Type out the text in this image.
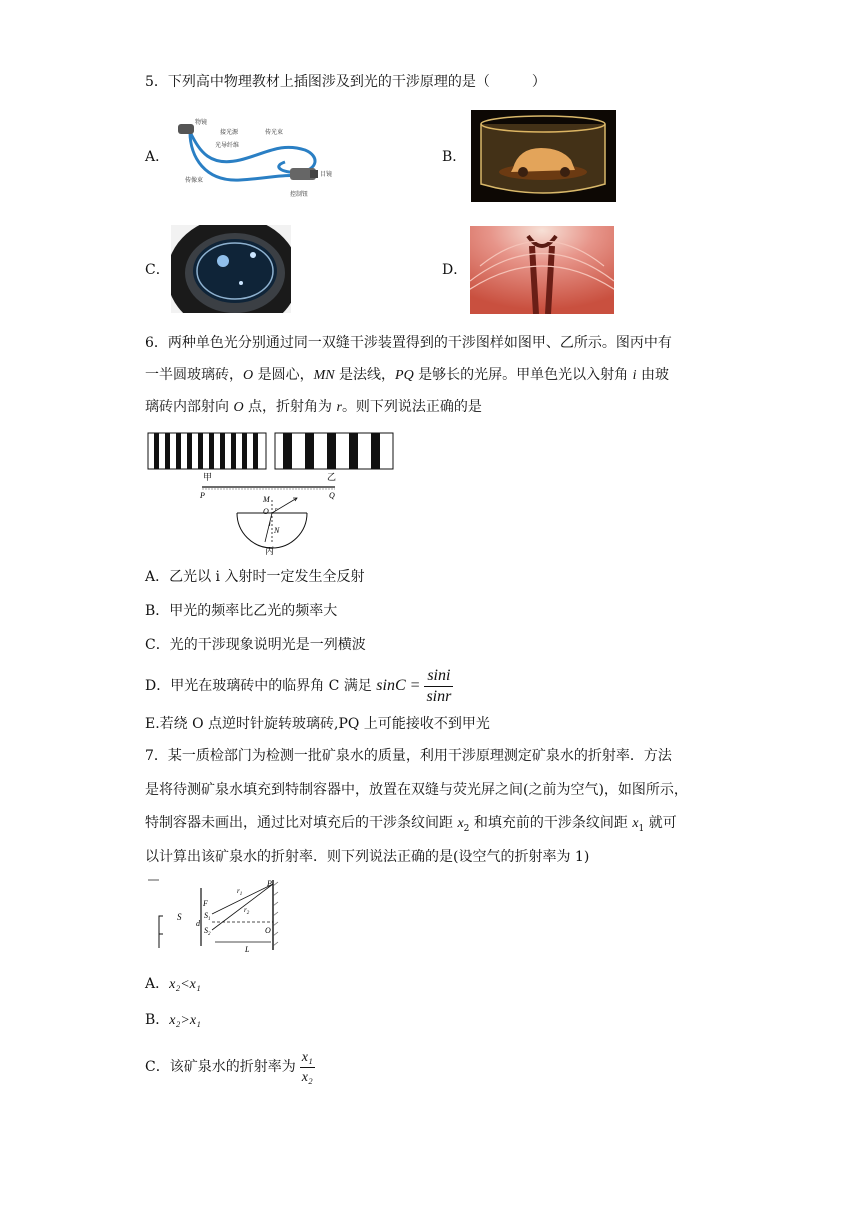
5．下列高中物理教材上插图涉及到光的干涉原理的是（　　　）
A．
物镜
接光源	传光束
光导纤维
传像束
目镜
控制钮
B．
C．	D．
6．两种单色光分别通过同一双缝干涉装置得到的干涉图样如图甲、乙所示。图丙中有
一半圆玻璃砖，O 是圆心，MN 是法线，PQ 是够长的光屏。甲单色光以入射角 i 由玻
璃砖内部射向 O 点，折射角为 r。则下列说法正确的是
甲	乙
P	Q
M
O r
i
N
丙
A．乙光以 i 入射时一定发生全反射
B．甲光的频率比乙光的频率大
C．光的干涉现象说明光是一列横波
D．甲光在玻璃砖中的临界角 C 满足 $\sin C = \frac{\sin i}{\sin r}$
E.若绕 O 点逆时针旋转玻璃砖,PQ 上可能接收不到甲光
7．某一质检部门为检测一批矿泉水的质量，利用干涉原理测定矿泉水的折射率．方法
是将待测矿泉水填充到特制容器中，放置在双缝与荧光屏之间(之前为空气)，如图所示，
特制容器未画出，通过比对填充后的干涉条纹间距 $x_2$ 和填充前的干涉条纹间距 $x_1$ 就可
以计算出该矿泉水的折射率．则下列说法正确的是(设空气的折射率为 1)
S
F
$S_1$
$S_2$
d
P
O
$r_1$
$r_2$
L
A．x₂<x₁
B．x₂>x₁
C．该矿泉水的折射率为 $\frac{\text{x₁}}{\text{x₂}}$
